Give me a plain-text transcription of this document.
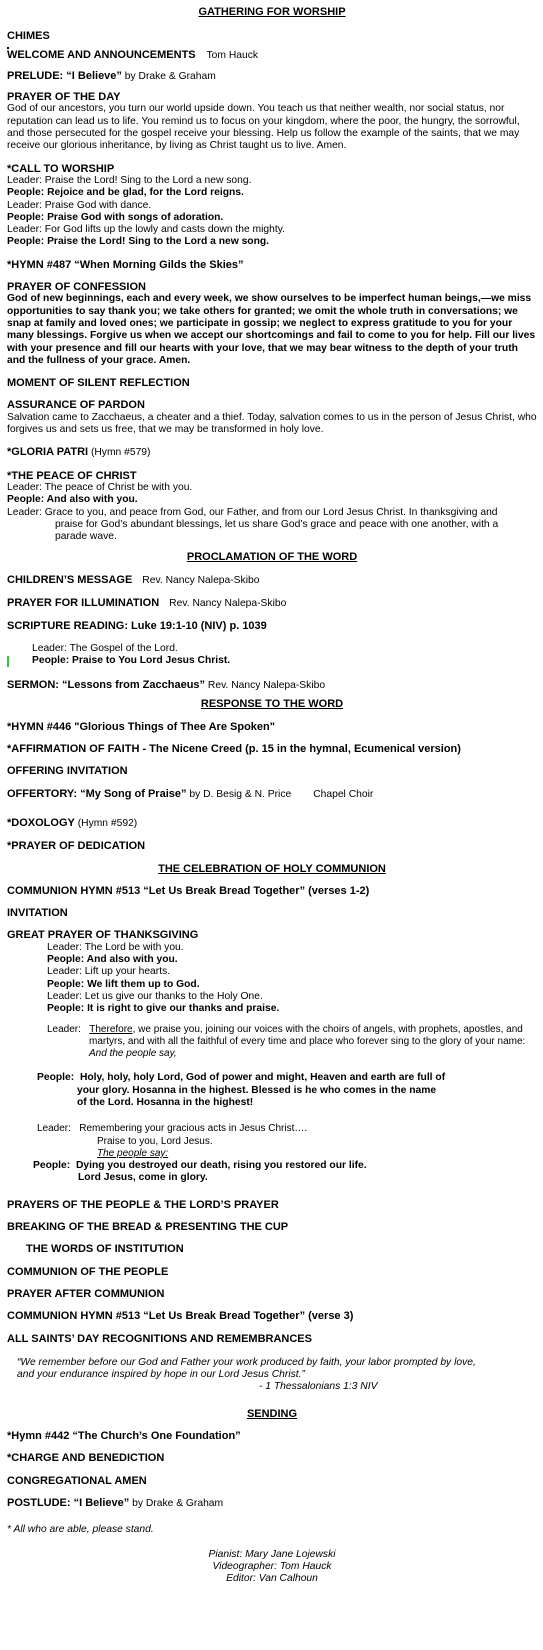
GATHERING FOR WORSHIP
CHIMES
WELCOME AND ANNOUNCEMENTS Tom Hauck
PRELUDE: “I Believe” by Drake & Graham
PRAYER OF THE DAY
God of our ancestors, you turn our world upside down. You teach us that neither wealth, nor social status, nor reputation can lead us to life. You remind us to focus on your kingdom, where the poor, the hungry, the sorrowful, and those persecuted for the gospel receive your blessing. Help us follow the example of the saints, that we may receive our glorious inheritance, by living as Christ taught us to live. Amen.
*CALL TO WORSHIP
Leader: Praise the Lord! Sing to the Lord a new song.
People: Rejoice and be glad, for the Lord reigns.
Leader: Praise God with dance.
People: Praise God with songs of adoration.
Leader: For God lifts up the lowly and casts down the mighty.
People: Praise the Lord! Sing to the Lord a new song.
*HYMN #487 “When Morning Gilds the Skies”
PRAYER OF CONFESSION
God of new beginnings, each and every week, we show ourselves to be imperfect human beings,—we miss opportunities to say thank you; we take others for granted; we omit the whole truth in conversations; we snap at family and loved ones; we participate in gossip; we neglect to express gratitude to you for your many blessings. Forgive us when we accept our shortcomings and fail to come to you for help. Fill our lives with your presence and fill our hearts with your love, that we may bear witness to the depth of your truth and the fullness of your grace. Amen.
MOMENT OF SILENT REFLECTION
ASSURANCE OF PARDON
Salvation came to Zacchaeus, a cheater and a thief. Today, salvation comes to us in the person of Jesus Christ, who forgives us and sets us free, that we may be transformed in holy love.
*GLORIA PATRI (Hymn #579)
*THE PEACE OF CHRIST
Leader: The peace of Christ be with you.
People: And also with you.
Leader: Grace to you, and peace from God, our Father, and from our Lord Jesus Christ. In thanksgiving and praise for God’s abundant blessings, let us share God’s grace and peace with one another, with a parade wave.
PROCLAMATION OF THE WORD
CHILDREN’S MESSAGE Rev. Nancy Nalepa-Skibo
PRAYER FOR ILLUMINATION Rev. Nancy Nalepa-Skibo
SCRIPTURE READING: Luke 19:1-10 (NIV) p. 1039
Leader: The Gospel of the Lord.
People: Praise to You Lord Jesus Christ.
SERMON: “Lessons from Zacchaeus” Rev. Nancy Nalepa-Skibo
RESPONSE TO THE WORD
*HYMN #446 "Glorious Things of Thee Are Spoken"
*AFFIRMATION OF FAITH - The Nicene Creed (p. 15 in the hymnal, Ecumenical version)
OFFERING INVITATION
OFFERTORY: “My Song of Praise” by D. Besig & N. Price Chapel Choir
*DOXOLOGY (Hymn #592)
*PRAYER OF DEDICATION
THE CELEBRATION OF HOLY COMMUNION
COMMUNION HYMN #513 “Let Us Break Bread Together” (verses 1-2)
INVITATION
GREAT PRAYER OF THANKSGIVING
Leader: The Lord be with you.
People: And also with you.
Leader: Lift up your hearts.
People: We lift them up to God.
Leader: Let us give our thanks to the Holy One.
People: It is right to give our thanks and praise.
Leader: Therefore, we praise you, joining our voices with the choirs of angels, with prophets, apostles, and martyrs, and with all the faithful of every time and place who forever sing to the glory of your name:
And the people say,
People: Holy, holy, holy Lord, God of power and might, Heaven and earth are full of your glory. Hosanna in the highest. Blessed is he who comes in the name of the Lord. Hosanna in the highest!
Leader: Remembering your gracious acts in Jesus Christ….
Praise to you, Lord Jesus.
The people say:
People: Dying you destroyed our death, rising you restored our life.
Lord Jesus, come in glory.
PRAYERS OF THE PEOPLE & THE LORD’S PRAYER
BREAKING OF THE BREAD & PRESENTING THE CUP
THE WORDS OF INSTITUTION
COMMUNION OF THE PEOPLE
PRAYER AFTER COMMUNION
COMMUNION HYMN #513 “Let Us Break Bread Together” (verse 3)
ALL SAINTS’ DAY RECOGNITIONS AND REMEMBRANCES
“We remember before our God and Father your work produced by faith, your labor prompted by love, and your endurance inspired by hope in our Lord Jesus Christ.”
- 1 Thessalonians 1:3 NIV
SENDING
*Hymn #442 “The Church’s One Foundation”
*CHARGE AND BENEDICTION
CONGREGATIONAL AMEN
POSTLUDE: “I Believe” by Drake & Graham
* All who are able, please stand.
Pianist: Mary Jane Lojewski
Videographer: Tom Hauck
Editor: Van Calhoun
